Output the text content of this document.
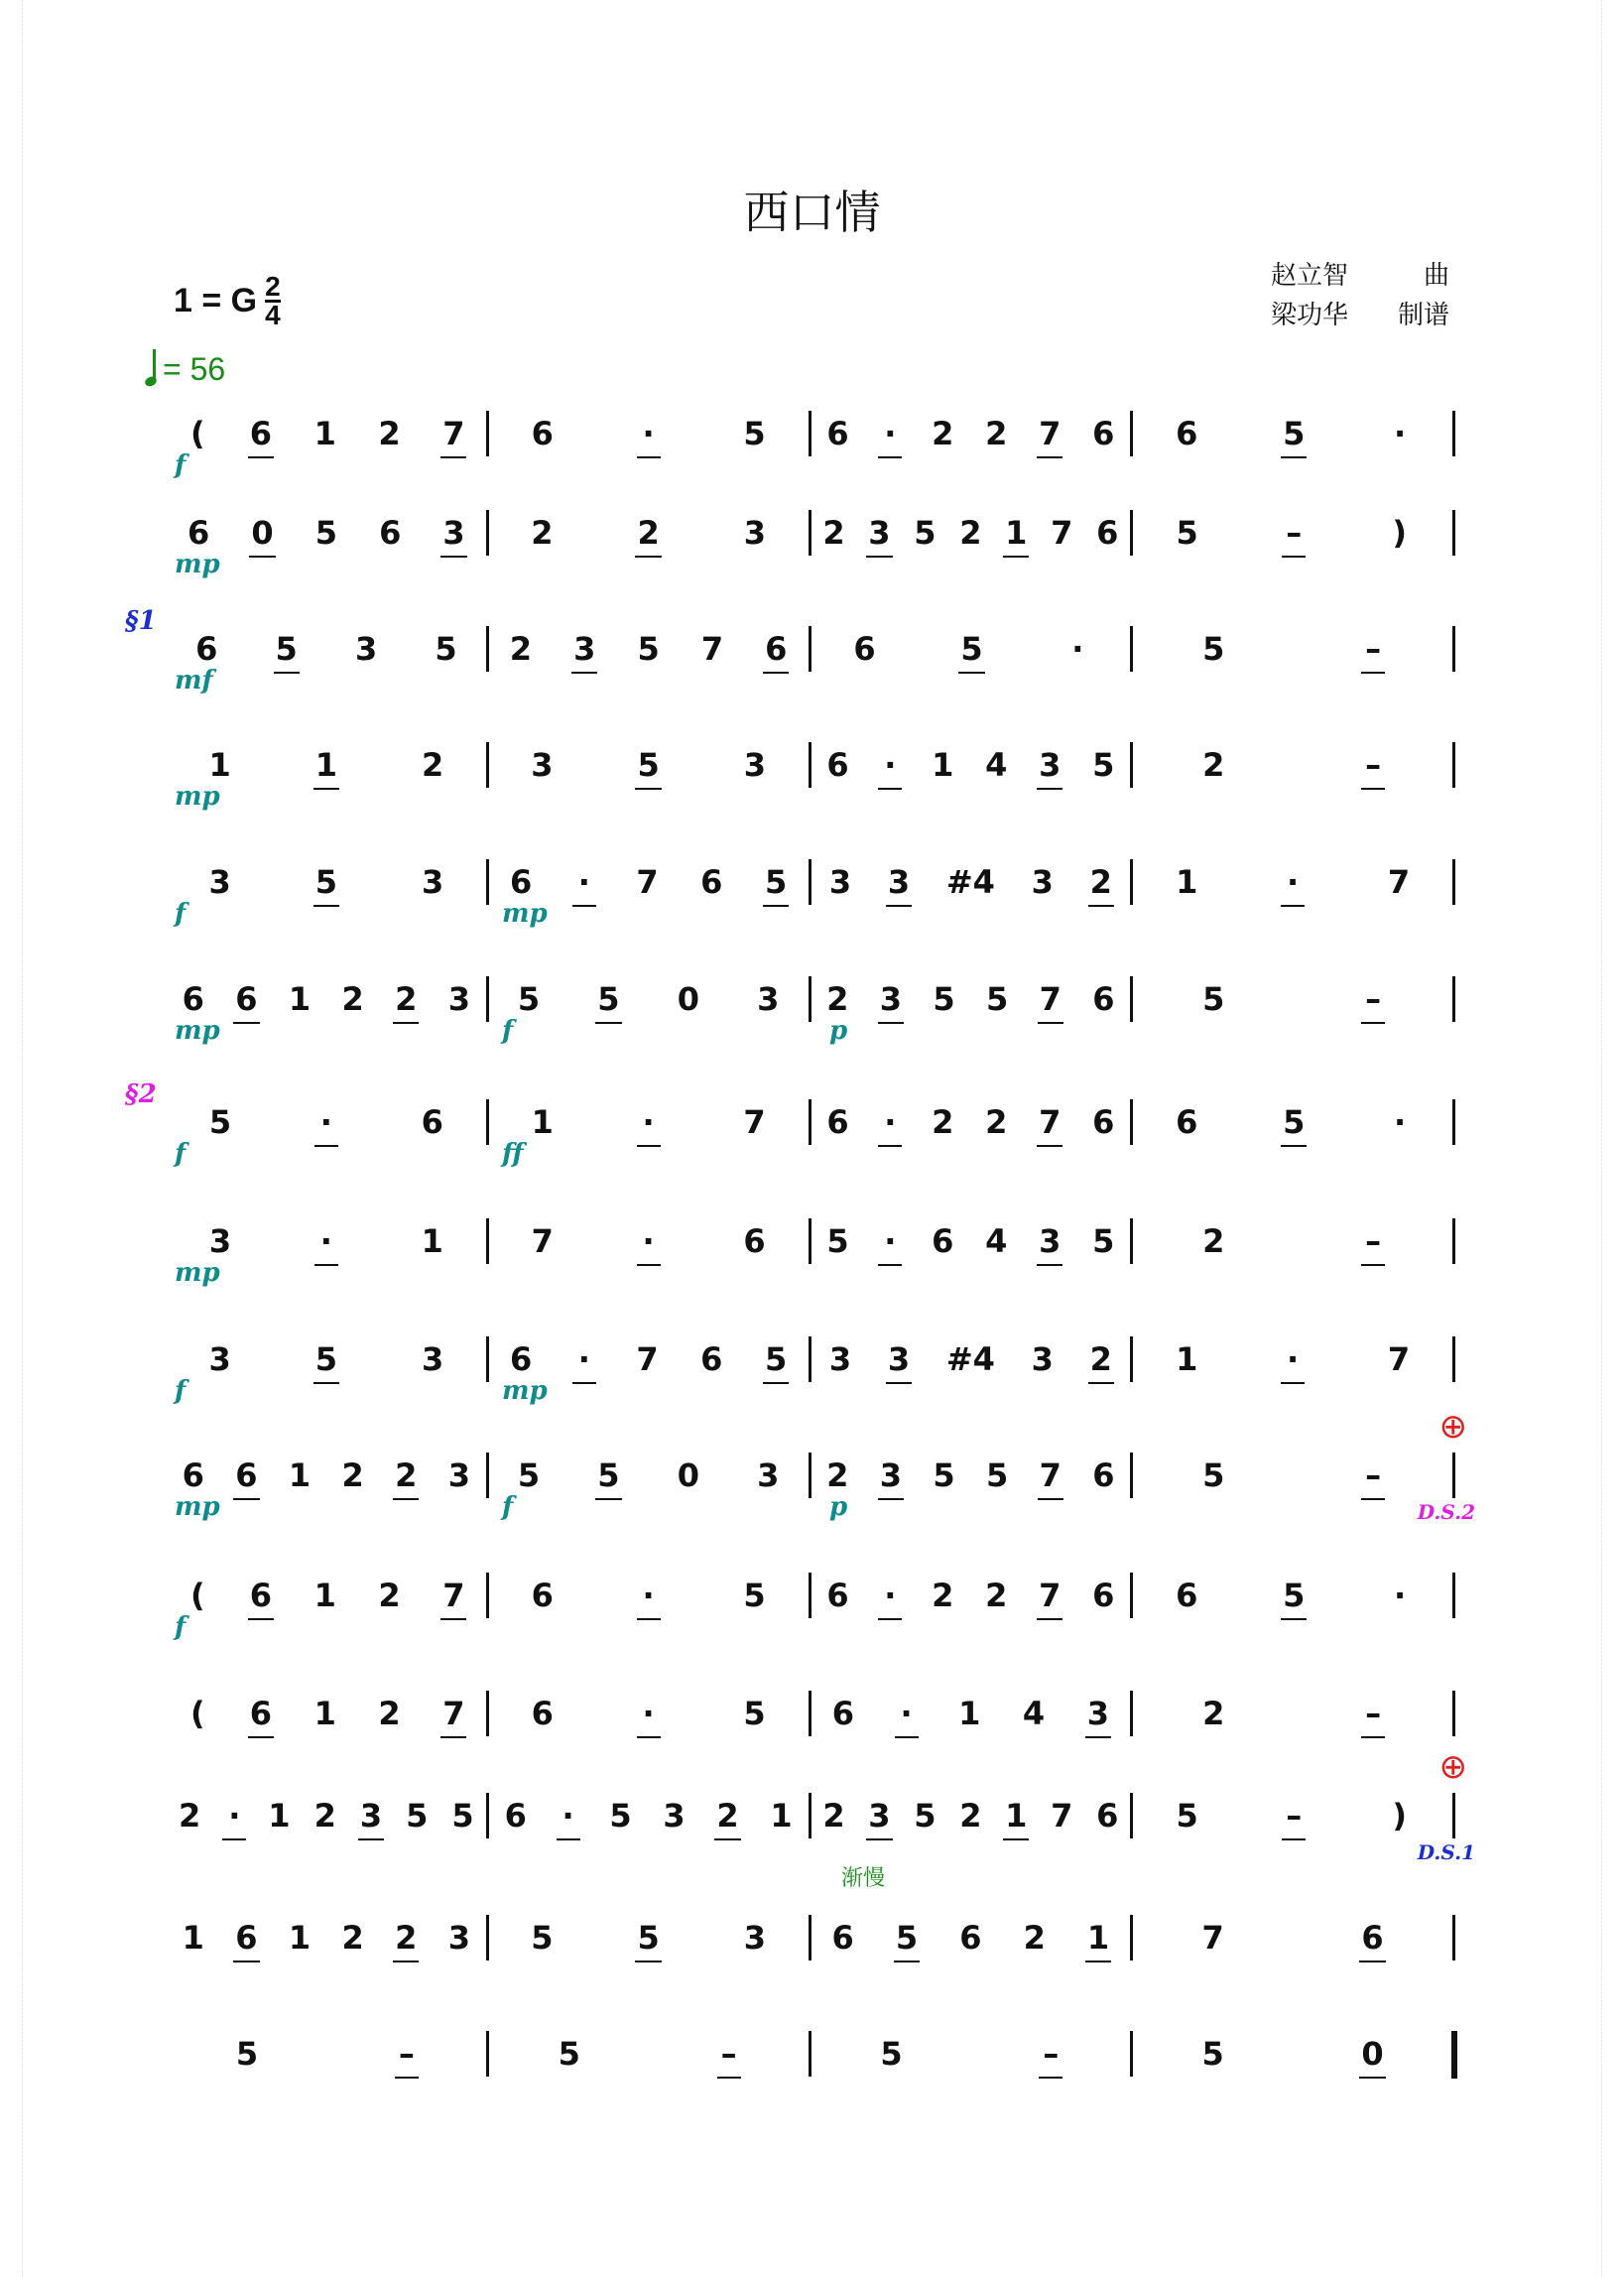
西口情
1 = G 2
4
赵立智	曲
梁功华 制谱
= 56
( 6 1 2 7 6	·	5 6 · 2 2 7 6 6	5	·
f
6 0 5 6 3 2	2	3 2 3 5 2 1 7 6 5	–	)
mp
6 5 3 5 2 3 5 7 6 6	5	·	5	–
mf
§1
1	1	2	3	5	3 6 · 1 4 3 5	2	–
mp
3	5	3 6 · 7 6 5 3 3 #4 3 2 1	·	7
f	mp
6 6 1 2 2 3 5 5 0 3 2 3 5 5 7 6	5	–
mp	f	p
5	·	6	1	·	7 6 · 2 2 7 6 6	5	·
f	ff
§2
3	·	1	7	·	6 5 · 6 4 3 5	2	–
mp
3	5	3 6 · 7 6 5 3 3 #4 3 2 1	·	7
f	mp
6 6 1 2 2 3 5 5 0 3 2 3 5 5 7 6	5	–
mp	f	p	D.S.2
⊕
( 6 1 2 7 6	·	5 6 · 2 2 7 6 6	5	·
f
( 6 1 2 7 6	·	5 6 · 1 4 3	2	–
2 · 1 2 3 5 5 6 · 5 3 2 1 2 3 5 2 1 7 6 5	–	)
D.S.1
⊕
1 6 1 2 2 3 5	5	3 6 5 6 2 1	7	6
渐慢
5	–	5	–	5	–	5	0
